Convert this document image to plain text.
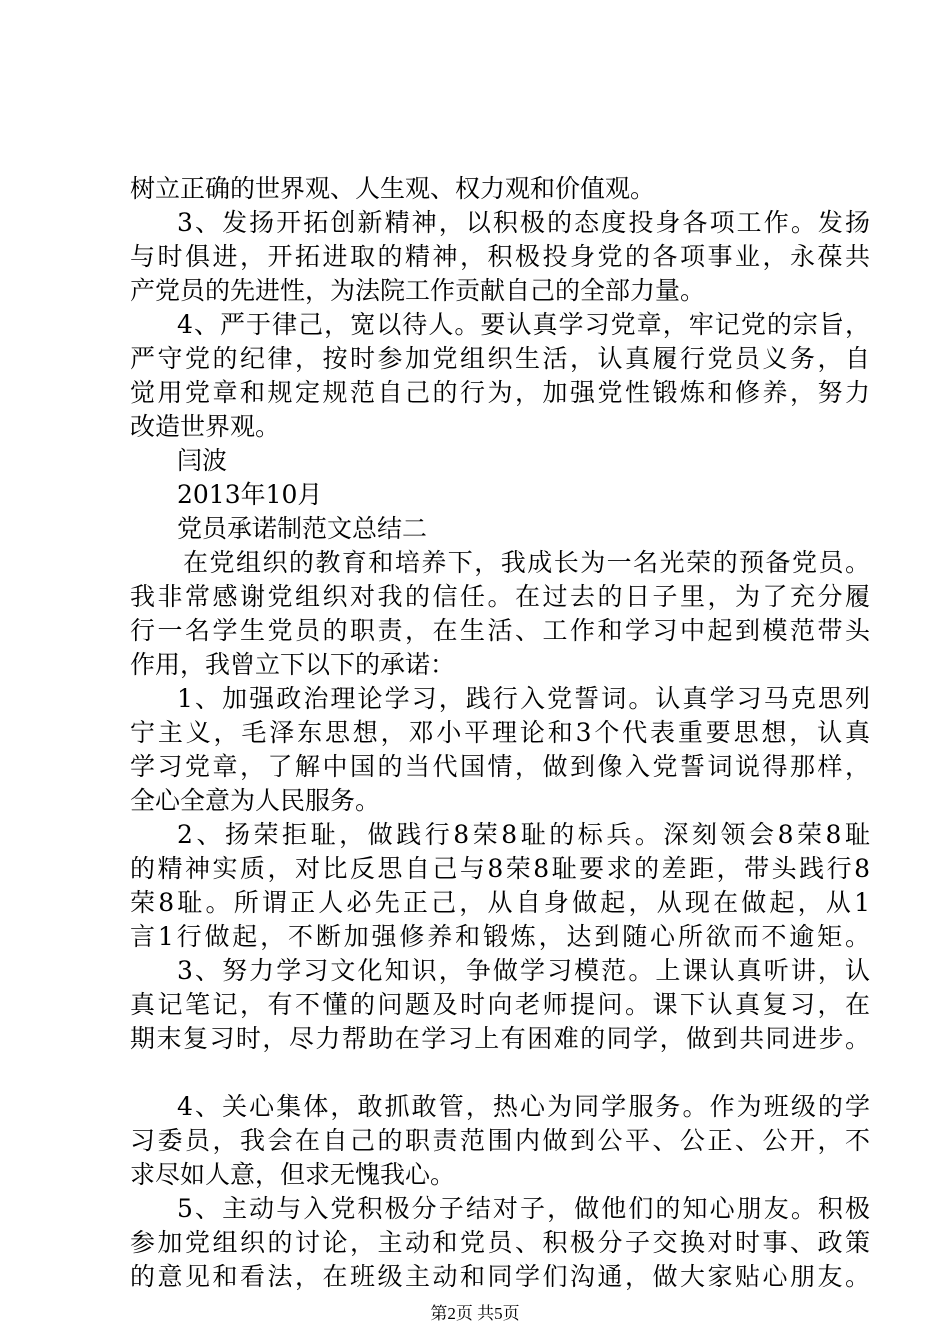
树立正确的世界观、人生观、权力观和价值观。
3、发扬开拓创新精神，以积极的态度投身各项工作。发扬
与时俱进，开拓进取的精神，积极投身党的各项事业，永葆共
产党员的先进性，为法院工作贡献自己的全部力量。
4、严于律己，宽以待人。要认真学习党章，牢记党的宗旨，
严守党的纪律，按时参加党组织生活，认真履行党员义务，自
觉用党章和规定规范自己的行为，加强党性锻炼和修养，努力
改造世界观。
闫波
2013年10月
党员承诺制范文总结二
在党组织的教育和培养下，我成长为一名光荣的预备党员。
我非常感谢党组织对我的信任。在过去的日子里，为了充分履
行一名学生党员的职责，在生活、工作和学习中起到模范带头
作用，我曾立下以下的承诺：
1、加强政治理论学习，践行入党誓词。认真学习马克思列
宁主义，毛泽东思想，邓小平理论和3个代表重要思想，认真
学习党章，了解中国的当代国情，做到像入党誓词说得那样，
全心全意为人民服务。
2、扬荣拒耻，做践行8荣8耻的标兵。深刻领会8荣8耻
的精神实质，对比反思自己与8荣8耻要求的差距，带头践行8
荣8耻。所谓正人必先正己，从自身做起，从现在做起，从1
言1行做起，不断加强修养和锻炼，达到随心所欲而不逾矩。
3、努力学习文化知识，争做学习模范。上课认真听讲，认
真记笔记，有不懂的问题及时向老师提问。课下认真复习，在
期末复习时，尽力帮助在学习上有困难的同学，做到共同进步。
4、关心集体，敢抓敢管，热心为同学服务。作为班级的学
习委员，我会在自己的职责范围内做到公平、公正、公开，不
求尽如人意，但求无愧我心。
5、主动与入党积极分子结对子，做他们的知心朋友。积极
参加党组织的讨论，主动和党员、积极分子交换对时事、政策
的意见和看法，在班级主动和同学们沟通，做大家贴心朋友。
第2页 共5页
